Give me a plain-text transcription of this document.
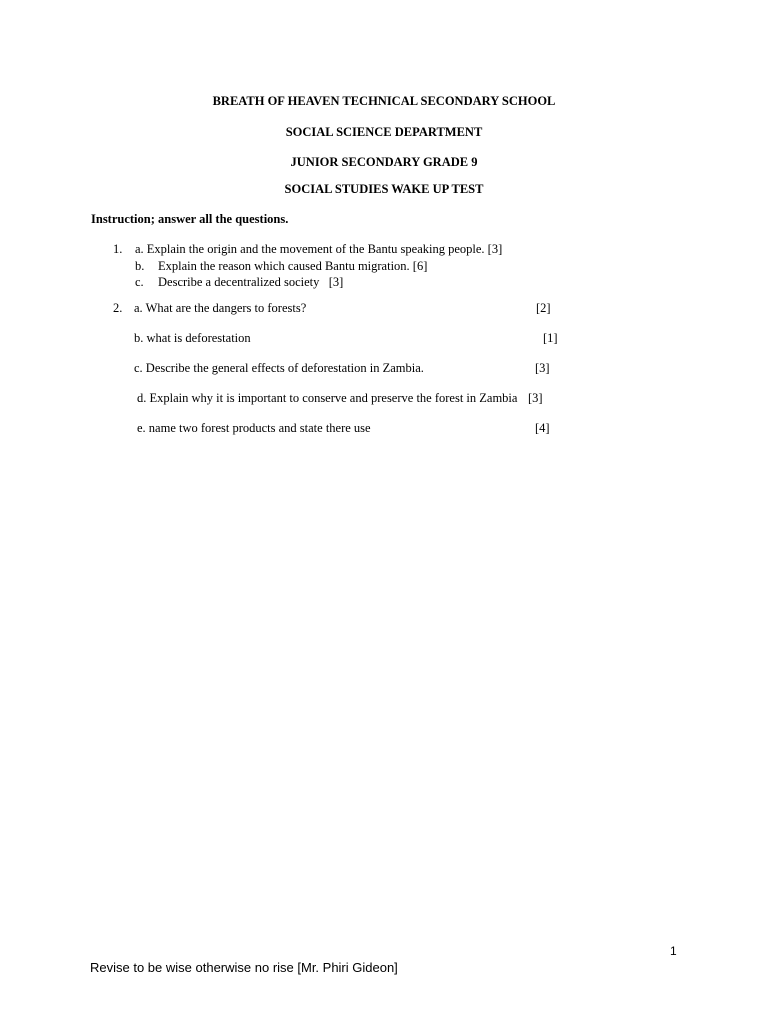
BREATH OF HEAVEN TECHNICAL SECONDARY SCHOOL
SOCIAL SCIENCE DEPARTMENT
JUNIOR SECONDARY GRADE 9
SOCIAL STUDIES WAKE UP TEST
Instruction; answer all the questions.
1. a. Explain the origin and the movement of the Bantu speaking people. [3]
b. Explain the reason which caused Bantu migration. [6]
c. Describe a decentralized society   [3]
2. a. What are the dangers to forests?	[2]
b. what is deforestation	[1]
c. Describe the general effects of deforestation in Zambia.	[3]
d. Explain why it is important to conserve and preserve the forest in Zambia [3]
e. name two forest products and state there use	[4]
1
Revise to be wise otherwise no rise [Mr. Phiri Gideon]
